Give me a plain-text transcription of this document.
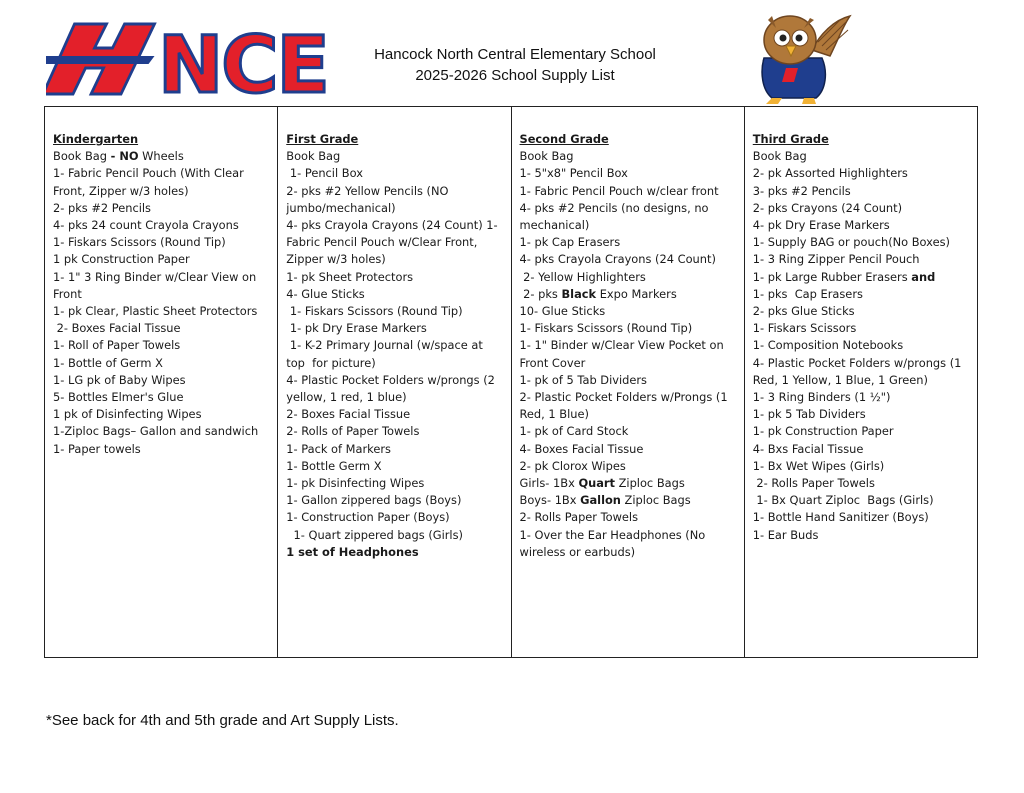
NCE	Hancock North Central Elementary School
2025-2026 School Supply List
Kindergarten
Book Bag - NO Wheels
1- Fabric Pencil Pouch (With Clear Front, Zipper w/3 holes)
2- pks #2 Pencils
4- pks 24 count Crayola Crayons
1- Fiskars Scissors (Round Tip)
1 pk Construction Paper
1- 1" 3 Ring Binder w/Clear View on  Front
1- pk Clear, Plastic Sheet Protectors
2- Boxes Facial Tissue
1- Roll of Paper Towels
1- Bottle of Germ X
1- LG pk of Baby Wipes
5- Bottles Elmer's Glue
1 pk of Disinfecting Wipes
1-Ziploc Bags– Gallon and sandwich
1- Paper towels
First Grade
Book Bag
1- Pencil Box
2- pks #2 Yellow Pencils (NO jumbo/mechanical)
4- pks Crayola Crayons (24 Count) 1- Fabric Pencil Pouch w/Clear Front,  Zipper w/3 holes)
1- pk Sheet Protectors
4- Glue Sticks
1- Fiskars Scissors (Round Tip)
1- pk Dry Erase Markers
1- K-2 Primary Journal (w/space at top  for picture)
4- Plastic Pocket Folders w/prongs (2 yellow, 1 red, 1 blue)
2- Boxes Facial Tissue
2- Rolls of Paper Towels
1- Pack of Markers
1- Bottle Germ X
1- pk Disinfecting Wipes
1- Gallon zippered bags (Boys)
1- Construction Paper (Boys)
1- Quart zippered bags (Girls)
1 set of Headphones
Second Grade
Book Bag
1- 5"x8" Pencil Box
1- Fabric Pencil Pouch w/clear front
4- pks #2 Pencils (no designs, no  mechanical)
1- pk Cap Erasers
4- pks Crayola Crayons (24 Count)
2- Yellow Highlighters
2- pks Black Expo Markers
10- Glue Sticks
1- Fiskars Scissors (Round Tip)
1- 1" Binder w/Clear View Pocket on Front Cover
1- pk of 5 Tab Dividers
2- Plastic Pocket Folders w/Prongs (1 Red, 1 Blue)
1- pk of Card Stock
4- Boxes Facial Tissue
2- pk Clorox Wipes
Girls- 1Bx Quart Ziploc Bags
Boys- 1Bx Gallon Ziploc Bags
2- Rolls Paper Towels
1- Over the Ear Headphones (No wireless or earbuds)
Third Grade
Book Bag
2- pk Assorted Highlighters
3- pks #2 Pencils
2- pks Crayons (24 Count)
4- pk Dry Erase Markers
1- Supply BAG or pouch(No Boxes)
1- 3 Ring Zipper Pencil Pouch
1- pk Large Rubber Erasers and
1- pks  Cap Erasers
2- pks Glue Sticks
1- Fiskars Scissors
1- Composition Notebooks
4- Plastic Pocket Folders w/prongs (1  Red, 1 Yellow, 1 Blue, 1 Green)
1- 3 Ring Binders (1 ½")
1- pk 5 Tab Dividers
1- pk Construction Paper
4- Bxs Facial Tissue
1- Bx Wet Wipes (Girls)
2- Rolls Paper Towels
1- Bx Quart Ziploc  Bags (Girls)
1- Bottle Hand Sanitizer (Boys)
1- Ear Buds
*See back for 4th and 5th grade and Art Supply Lists.
